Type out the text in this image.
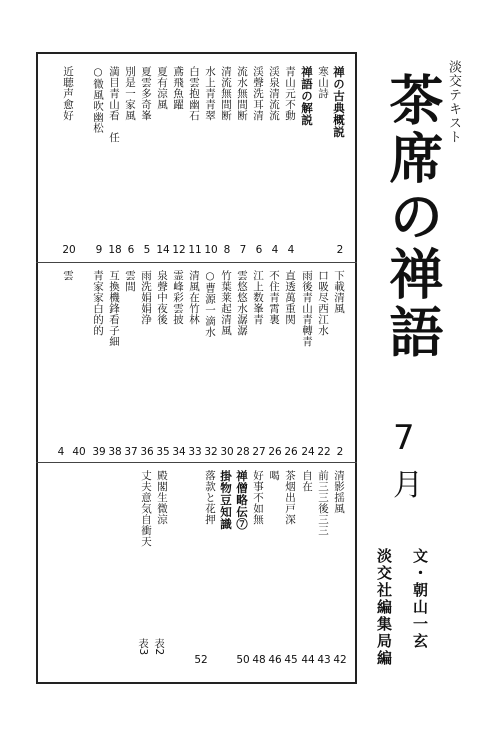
禅の古典概説
寒山詩
禅語の解説
青山元不動
渓泉清流流
渓聲洗耳清
流水無間断
清流無間断
水上青青翠
白雲抱幽石
鳶飛魚躍
夏有涼風
夏雲多奇峯
別是一家風
満目青山看　任
○微風吹幽松
近聴声愈好
2
4
4
6
7
8
10
11
12
14
5
6
18
9
20
下載清風
口吸尽西江水
雨後青山青轉青
直透萬重関
不住青霄裏
江上数峯青
雲悠悠水潺潺
竹葉莱起清風
○曹源一滴水
清風在竹林
霊峰彩雲披
泉聲中夜後
雨洗娟娟浄
雲間
互換機鋒看子細
青家家白的的
雲
2
22
24
26
26
27
28
30
32
33
34
35
36
37
38
39
40
4
清影揺風
前三三後三三
自在
茶烟出戸深
喝
好事不如無
禅僧略伝⑦
掛物豆知識
落款と花押
殿閣生微涼
丈夫意気自衝天
42
43
44
45
46
48
50
52
表2
表3
淡交テキスト
茶席の禅語
7
月
文・朝山一玄
淡交社編集局編
